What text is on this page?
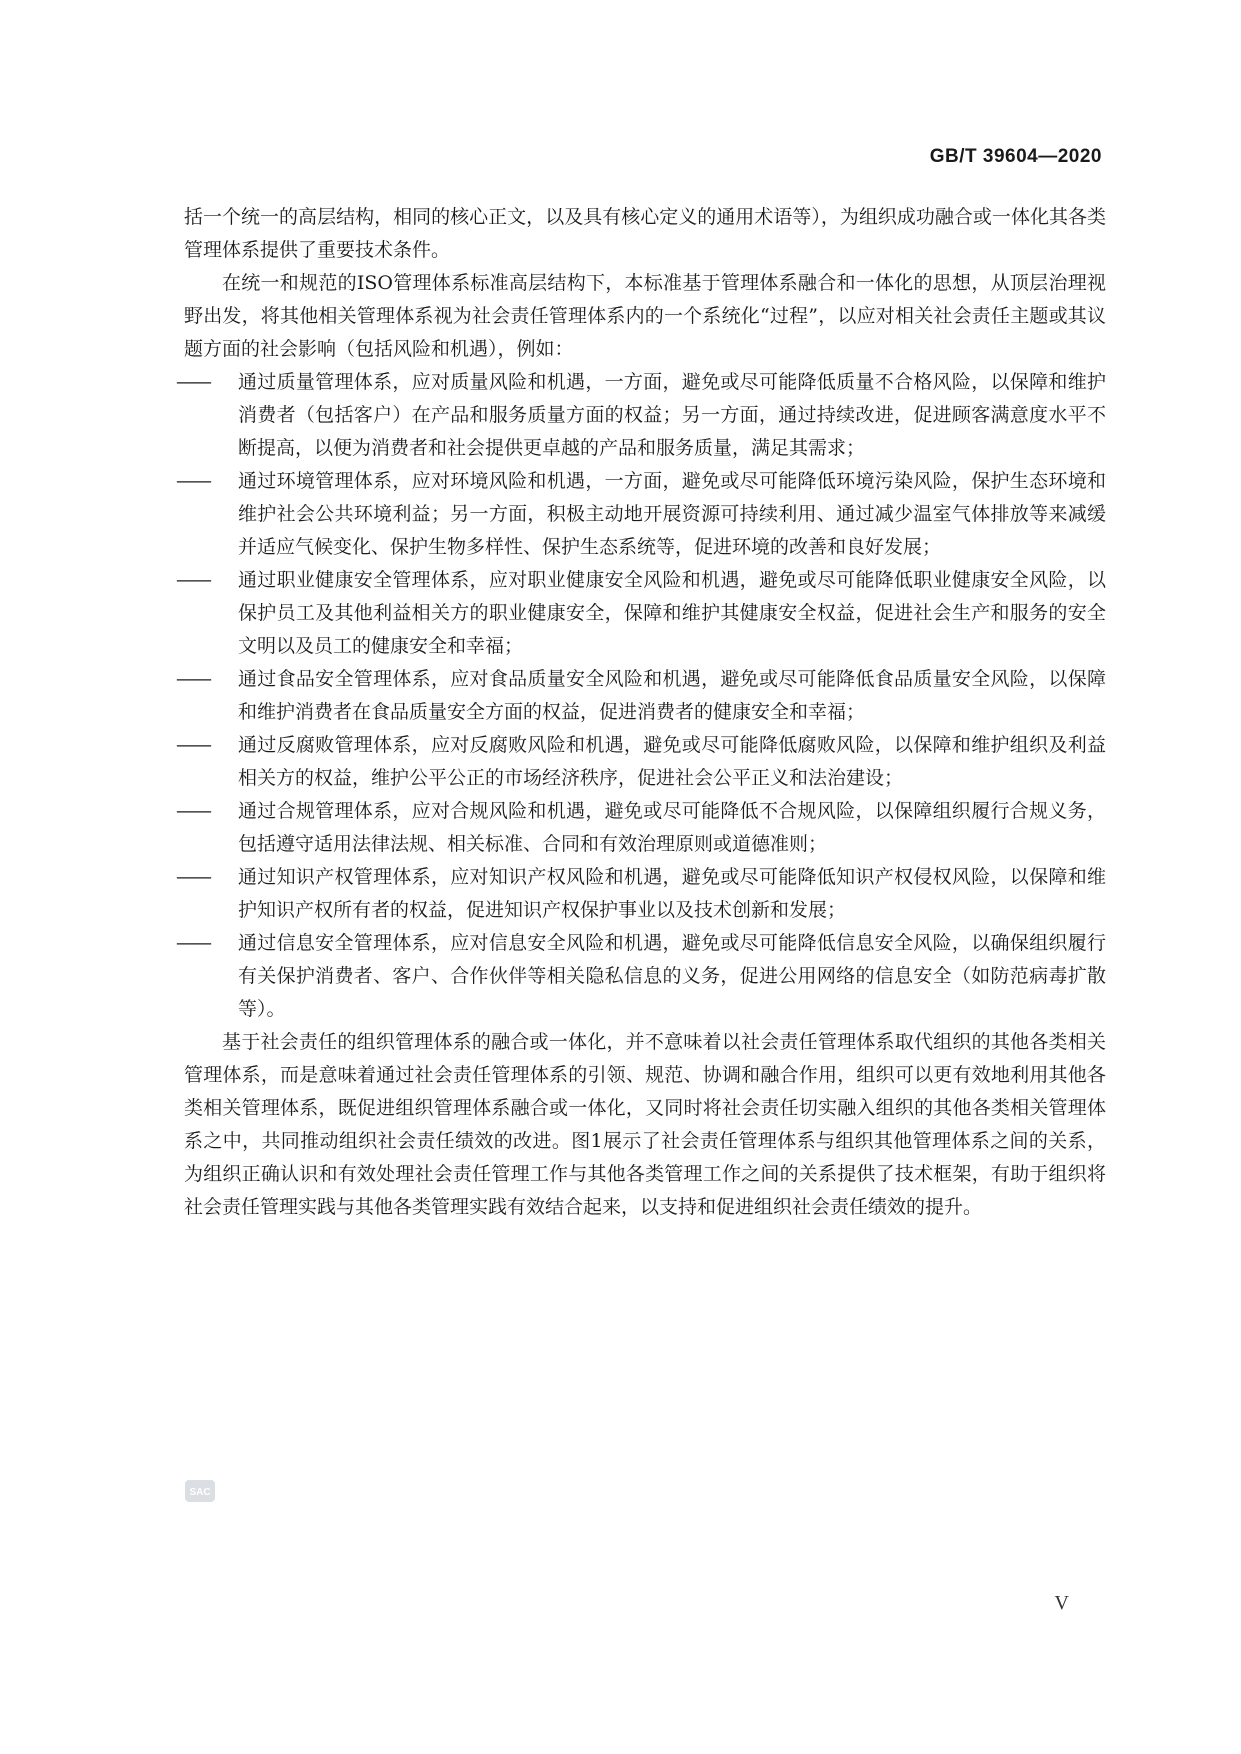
GB/T 39604—2020

括一个统一的高层结构，相同的核心正文，以及具有核心定义的通用术语等），为组织成功融合或一体化其各类管理体系提供了重要技术条件。

在统一和规范的ISO管理体系标准高层结构下，本标准基于管理体系融合和一体化的思想，从顶层治理视野出发，将其他相关管理体系视为社会责任管理体系内的一个系统化“过程”，以应对相关社会责任主题或其议题方面的社会影响（包括风险和机遇），例如：

—— 通过质量管理体系，应对质量风险和机遇，一方面，避免或尽可能降低质量不合格风险，以保障和维护消费者（包括客户）在产品和服务质量方面的权益；另一方面，通过持续改进，促进顾客满意度水平不断提高，以便为消费者和社会提供更卓越的产品和服务质量，满足其需求；
—— 通过环境管理体系，应对环境风险和机遇，一方面，避免或尽可能降低环境污染风险，保护生态环境和维护社会公共环境利益；另一方面，积极主动地开展资源可持续利用、通过减少温室气体排放等来减缓并适应气候变化、保护生物多样性、保护生态系统等，促进环境的改善和良好发展；
—— 通过职业健康安全管理体系，应对职业健康安全风险和机遇，避免或尽可能降低职业健康安全风险，以保护员工及其他利益相关方的职业健康安全，保障和维护其健康安全权益，促进社会生产和服务的安全文明以及员工的健康安全和幸福；
—— 通过食品安全管理体系，应对食品质量安全风险和机遇，避免或尽可能降低食品质量安全风险，以保障和维护消费者在食品质量安全方面的权益，促进消费者的健康安全和幸福；
—— 通过反腐败管理体系，应对反腐败风险和机遇，避免或尽可能降低腐败风险，以保障和维护组织及利益相关方的权益，维护公平公正的市场经济秩序，促进社会公平正义和法治建设；
—— 通过合规管理体系，应对合规风险和机遇，避免或尽可能降低不合规风险，以保障组织履行合规义务，包括遵守适用法律法规、相关标准、合同和有效治理原则或道德准则；
—— 通过知识产权管理体系，应对知识产权风险和机遇，避免或尽可能降低知识产权侵权风险，以保障和维护知识产权所有者的权益，促进知识产权保护事业以及技术创新和发展；
—— 通过信息安全管理体系，应对信息安全风险和机遇，避免或尽可能降低信息安全风险，以确保组织履行有关保护消费者、客户、合作伙伴等相关隐私信息的义务，促进公用网络的信息安全（如防范病毒扩散等）。

基于社会责任的组织管理体系的融合或一体化，并不意味着以社会责任管理体系取代组织的其他各类相关管理体系，而是意味着通过社会责任管理体系的引领、规范、协调和融合作用，组织可以更有效地利用其他各类相关管理体系，既促进组织管理体系融合或一体化，又同时将社会责任切实融入组织的其他各类相关管理体系之中，共同推动组织社会责任绩效的改进。图1展示了社会责任管理体系与组织其他管理体系之间的关系，为组织正确认识和有效处理社会责任管理工作与其他各类管理工作之间的关系提供了技术框架，有助于组织将社会责任管理实践与其他各类管理实践有效结合起来，以支持和促进组织社会责任绩效的提升。

SAC
V
